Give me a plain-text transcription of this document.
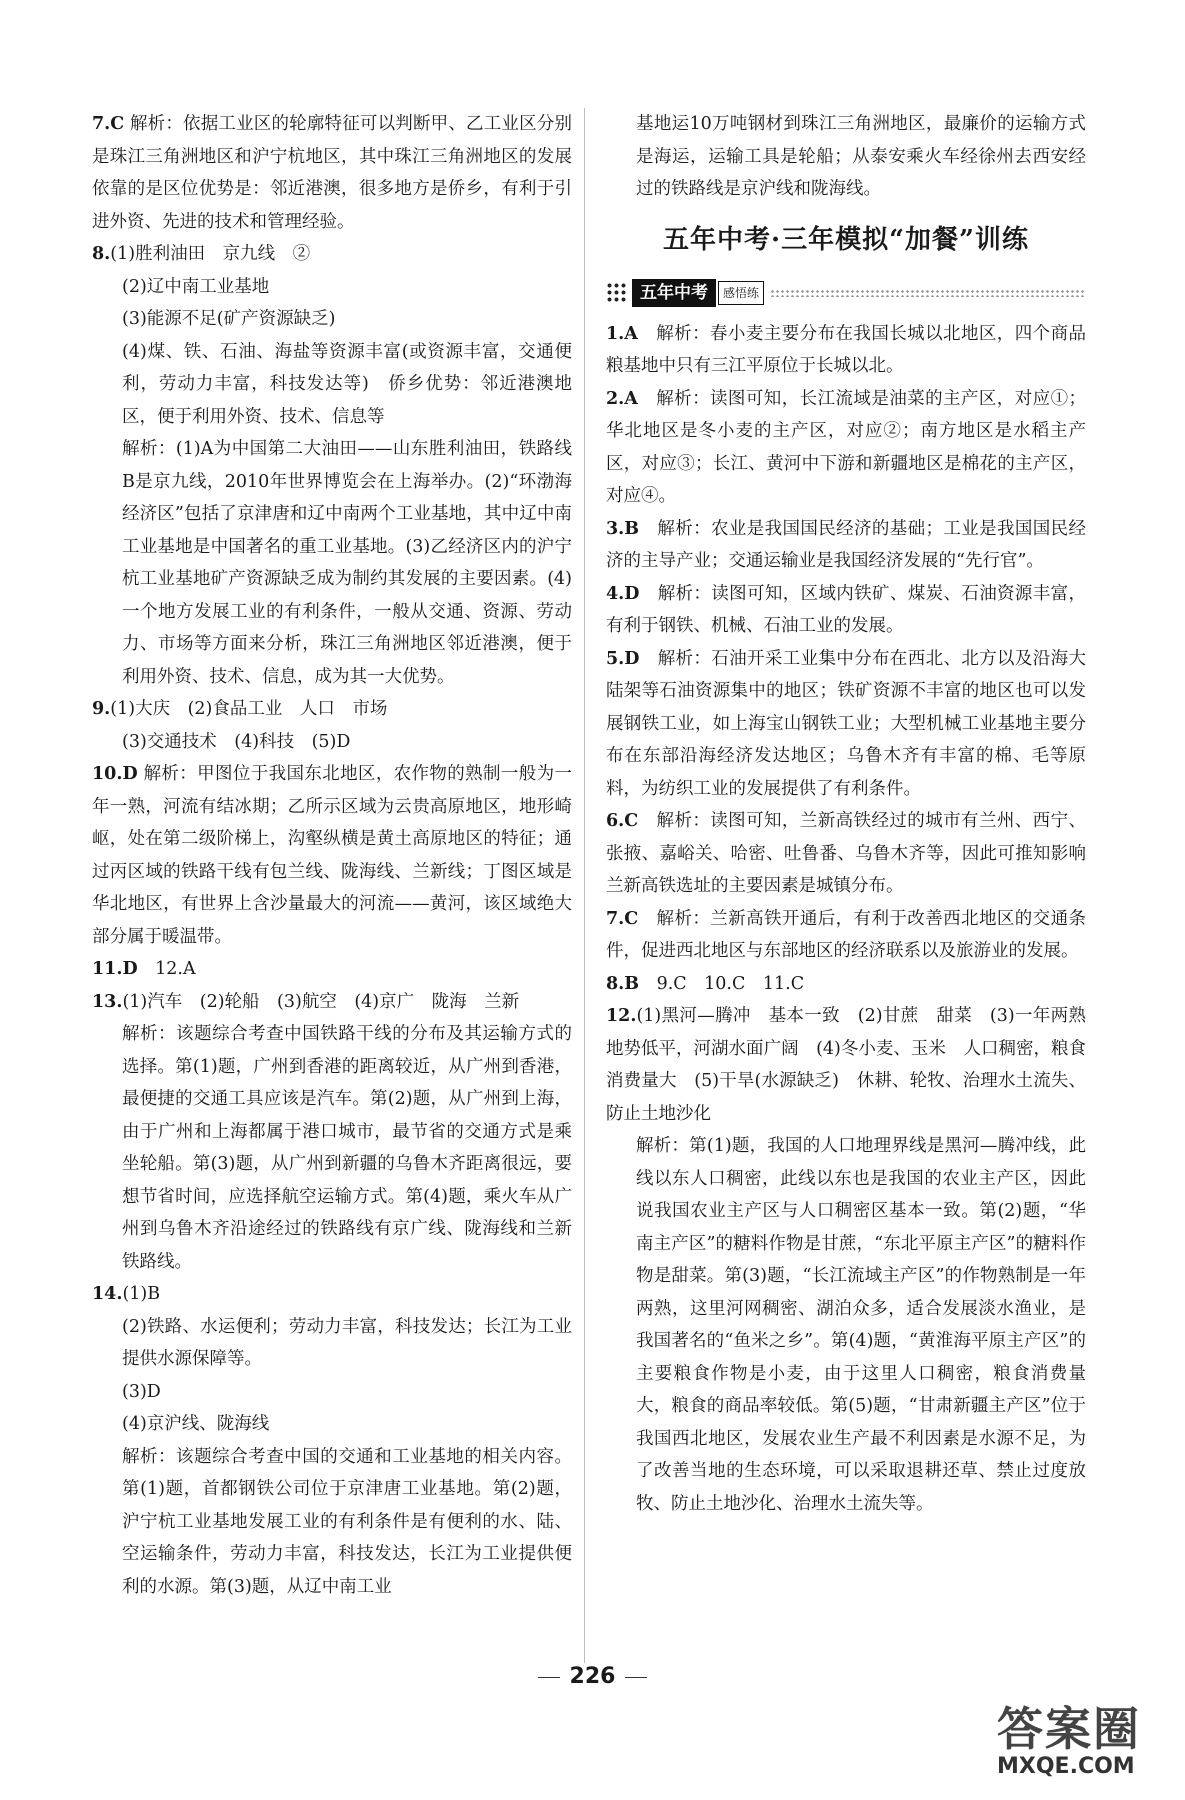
7.C 解析：依据工业区的轮廓特征可以判断甲、乙工业区分别是珠江三角洲地区和沪宁杭地区，其中珠江三角洲地区的发展依靠的是区位优势是：邻近港澳，很多地方是侨乡，有利于引进外资、先进的技术和管理经验。

8.(1)胜利油田　京九线　②

(2)辽中南工业基地

(3)能源不足(矿产资源缺乏)

(4)煤、铁、石油、海盐等资源丰富(或资源丰富，交通便利，劳动力丰富，科技发达等)　侨乡优势：邻近港澳地区，便于利用外资、技术、信息等

解析：(1)A为中国第二大油田——山东胜利油田，铁路线B是京九线，2010年世界博览会在上海举办。(2)“环渤海经济区”包括了京津唐和辽中南两个工业基地，其中辽中南工业基地是中国著名的重工业基地。(3)乙经济区内的沪宁杭工业基地矿产资源缺乏成为制约其发展的主要因素。(4)一个地方发展工业的有利条件，一般从交通、资源、劳动力、市场等方面来分析，珠江三角洲地区邻近港澳，便于利用外资、技术、信息，成为其一大优势。

9.(1)大庆　(2)食品工业　人口　市场

(3)交通技术　(4)科技　(5)D

10.D 解析：甲图位于我国东北地区，农作物的熟制一般为一年一熟，河流有结冰期；乙所示区域为云贵高原地区，地形崎岖，处在第二级阶梯上，沟壑纵横是黄土高原地区的特征；通过丙区域的铁路干线有包兰线、陇海线、兰新线；丁图区域是华北地区，有世界上含沙量最大的河流——黄河，该区域绝大部分属于暖温带。

11.D　 12.A

13.(1)汽车　(2)轮船　(3)航空　(4)京广　陇海　兰新

解析：该题综合考查中国铁路干线的分布及其运输方式的选择。第(1)题，广州到香港的距离较近，从广州到香港，最便捷的交通工具应该是汽车。第(2)题，从广州到上海，由于广州和上海都属于港口城市，最节省的交通方式是乘坐轮船。第(3)题，从广州到新疆的乌鲁木齐距离很远，要想节省时间，应选择航空运输方式。第(4)题，乘火车从广州到乌鲁木齐沿途经过的铁路线有京广线、陇海线和兰新铁路线。

14.(1)B

(2)铁路、水运便利；劳动力丰富，科技发达；长江为工业提供水源保障等。

(3)D

(4)京沪线、陇海线

解析：该题综合考查中国的交通和工业基地的相关内容。第(1)题，首都钢铁公司位于京津唐工业基地。第(2)题，沪宁杭工业基地发展工业的有利条件是有便利的水、陆、空运输条件，劳动力丰富，科技发达，长江为工业提供便利的水源。第(3)题，从辽中南工业

基地运10万吨钢材到珠江三角洲地区，最廉价的运输方式是海运，运输工具是轮船；从泰安乘火车经徐州去西安经过的铁路线是京沪线和陇海线。

五年中考·三年模拟“加餐”训练
五年中考	感悟练

1.A　 解析：春小麦主要分布在我国长城以北地区，四个商品粮基地中只有三江平原位于长城以北。

2.A　 解析：读图可知，长江流域是油菜的主产区，对应①；华北地区是冬小麦的主产区，对应②；南方地区是水稻主产区，对应③；长江、黄河中下游和新疆地区是棉花的主产区，对应④。

3.B　 解析：农业是我国国民经济的基础；工业是我国国民经济的主导产业；交通运输业是我国经济发展的“先行官”。

4.D　 解析：读图可知，区域内铁矿、煤炭、石油资源丰富，有利于钢铁、机械、石油工业的发展。

5.D　 解析：石油开采工业集中分布在西北、北方以及沿海大陆架等石油资源集中的地区；铁矿资源不丰富的地区也可以发展钢铁工业，如上海宝山钢铁工业；大型机械工业基地主要分布在东部沿海经济发达地区；乌鲁木齐有丰富的棉、毛等原料，为纺织工业的发展提供了有利条件。

6.C　 解析：读图可知，兰新高铁经过的城市有兰州、西宁、张掖、嘉峪关、哈密、吐鲁番、乌鲁木齐等，因此可推知影响兰新高铁选址的主要因素是城镇分布。

7.C　 解析：兰新高铁开通后，有利于改善西北地区的交通条件，促进西北地区与东部地区的经济联系以及旅游业的发展。

8.B　 9.C　10.C　11.C

12.(1)黑河—腾冲　基本一致　(2)甘蔗　甜菜　(3)一年两熟　地势低平，河湖水面广阔　(4)冬小麦、玉米　人口稠密，粮食消费量大　(5)干旱(水源缺乏)　休耕、轮牧、治理水土流失、防止土地沙化

解析：第(1)题，我国的人口地理界线是黑河—腾冲线，此线以东人口稠密，此线以东也是我国的农业主产区，因此说我国农业主产区与人口稠密区基本一致。第(2)题，“华南主产区”的糖料作物是甘蔗，“东北平原主产区”的糖料作物是甜菜。第(3)题，“长江流域主产区”的作物熟制是一年两熟，这里河网稠密、湖泊众多，适合发展淡水渔业，是我国著名的“鱼米之乡”。第(4)题，“黄淮海平原主产区”的主要粮食作物是小麦，由于这里人口稠密，粮食消费量大，粮食的商品率较低。第(5)题，“甘肃新疆主产区”位于我国西北地区，发展农业生产最不利因素是水源不足，为了改善当地的生态环境，可以采取退耕还草、禁止过度放牧、防止土地沙化、治理水土流失等。

226
答案圈
MXQE.COM
